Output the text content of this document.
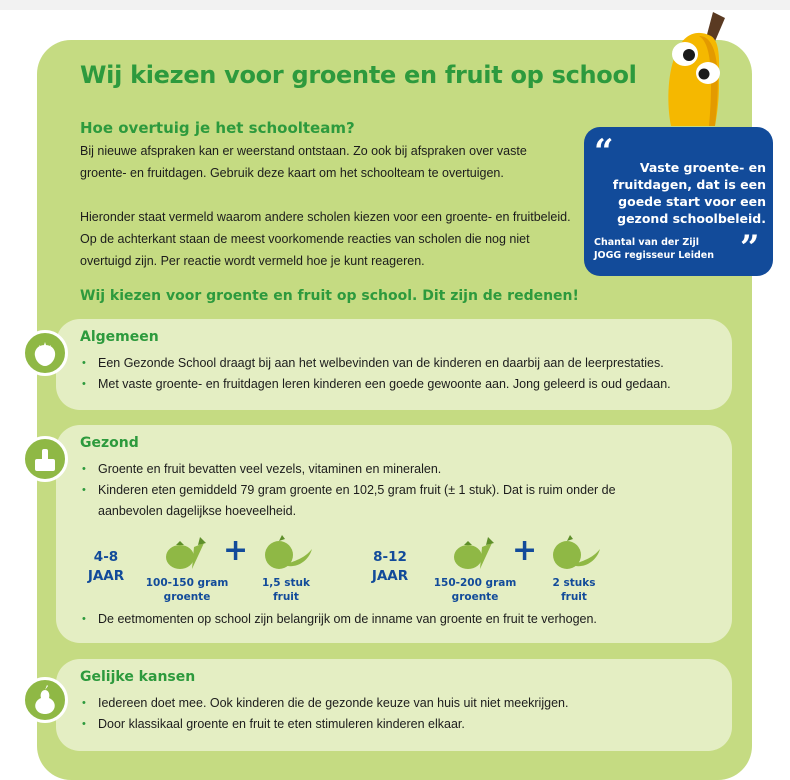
Wij kiezen voor groente en fruit op school
Hoe overtuig je het schoolteam?
Bij nieuwe afspraken kan er weerstand ontstaan. Zo ook bij afspraken over vaste groente- en fruitdagen. Gebruik deze kaart om het schoolteam te overtuigen.
Hieronder staat vermeld waarom andere scholen kiezen voor een groente- en fruitbeleid. Op de achterkant staan de meest voorkomende reacties van scholen die nog niet overtuigd zijn. Per reactie wordt vermeld hoe je kunt reageren.
“	Vaste groente- en fruitdagen, dat is een goede start voor een gezond schoolbeleid.
Chantal van der Zijl
JOGG regisseur Leiden ”
Wij kiezen voor groente en fruit op school. Dit zijn de redenen!
Algemeen
• Een Gezonde School draagt bij aan het welbevinden van de kinderen en daarbij aan de leerprestaties.
• Met vaste groente- en fruitdagen leren kinderen een goede gewoonte aan. Jong geleerd is oud gedaan.
Gezond
• Groente en fruit bevatten veel vezels, vitaminen en mineralen.
• Kinderen eten gemiddeld 79 gram groente en 102,5 gram fruit (± 1 stuk). Dat is ruim onder de aanbevolen dagelijkse hoeveelheid.
4-8
JAAR
+
100-150 gram groente
1,5 stuk fruit
8-12
JAAR
+
150-200 gram groente
2 stuks fruit
• De eetmomenten op school zijn belangrijk om de inname van groente en fruit te verhogen.
Gelijke kansen
• Iedereen doet mee. Ook kinderen die de gezonde keuze van huis uit niet meekrijgen.
• Door klassikaal groente en fruit te eten stimuleren kinderen elkaar.
